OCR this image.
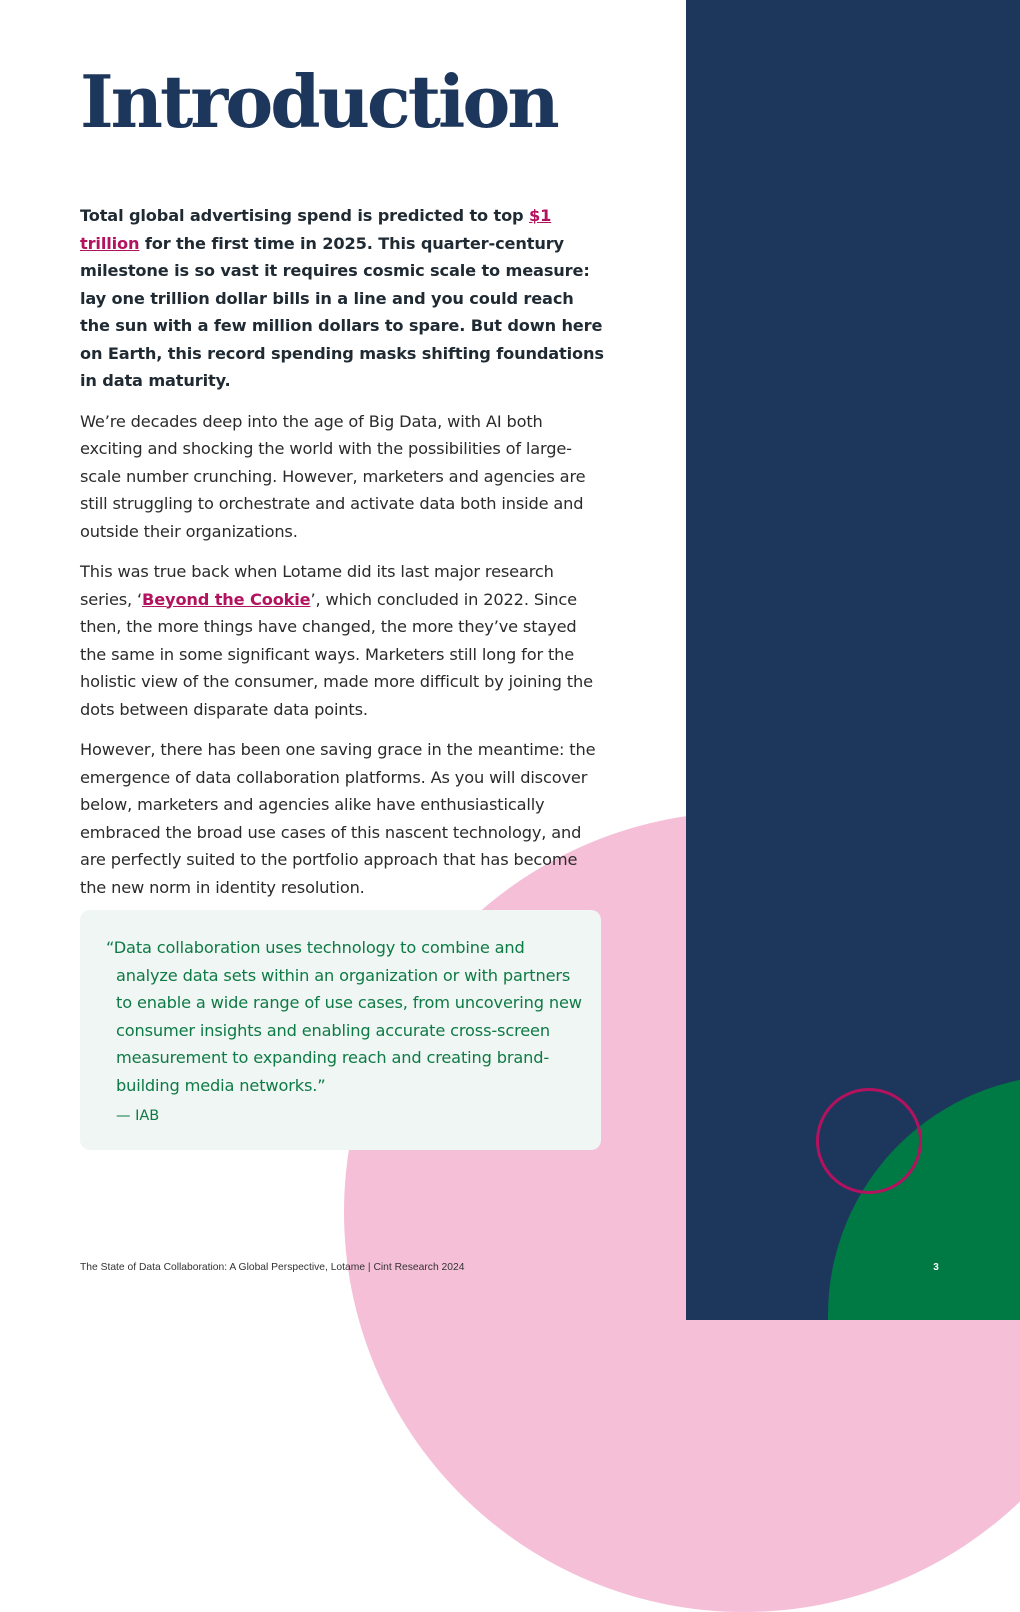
3
Introduction

Total global advertising spend is predicted to top $1 trillion for the first time in 2025. This quarter-century milestone is so vast it requires cosmic scale to measure: lay one trillion dollar bills in a line and you could reach the sun with a few million dollars to spare. But down here on Earth, this record spending masks shifting foundations in data maturity.

We’re decades deep into the age of Big Data, with AI both exciting and shocking the world with the possibilities of large-scale number crunching. However, marketers and agencies are still struggling to orchestrate and activate data both inside and outside their organizations.

This was true back when Lotame did its last major research series, ‘Beyond the Cookie’, which concluded in 2022. Since then, the more things have changed, the more they’ve stayed the same in some significant ways. Marketers still long for the holistic view of the consumer, made more difficult by joining the dots between disparate data points.

However, there has been one saving grace in the meantime: the emergence of data collaboration platforms. As you will discover below, marketers and agencies alike have enthusiastically embraced the broad use cases of this nascent technology, and are perfectly suited to the portfolio approach that has become the new norm in identity resolution.

“Data collaboration uses technology to combine and analyze data sets within an organization or with partners to enable a wide range of use cases, from uncovering new consumer insights and enabling accurate cross-screen measurement to expanding reach and creating brand-building media networks.”

— IAB

The State of Data Collaboration: A Global Perspective, Lotame | Cint Research 2024
